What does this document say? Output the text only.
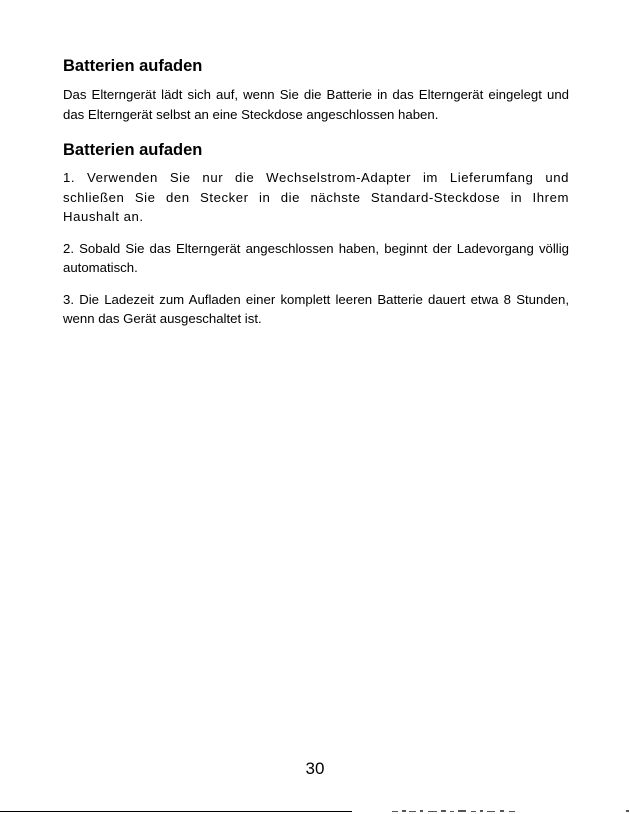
Batterien aufaden

Das Elterngerät lädt sich auf, wenn Sie die Batterie in das Elterngerät eingelegt und das Elterngerät selbst an eine Steckdose angeschlossen haben.

Batterien aufaden

1. Verwenden Sie nur die Wechselstrom-Adapter im Lieferumfang und schließen Sie den Stecker in die nächste Standard-Steckdose in Ihrem Haushalt an.

2. Sobald Sie das Elterngerät angeschlossen haben, beginnt der Ladevorgang völlig automatisch.

3. Die Ladezeit zum Aufladen einer komplett leeren Batterie dauert etwa 8 Stunden, wenn das Gerät ausgeschaltet ist.

30
